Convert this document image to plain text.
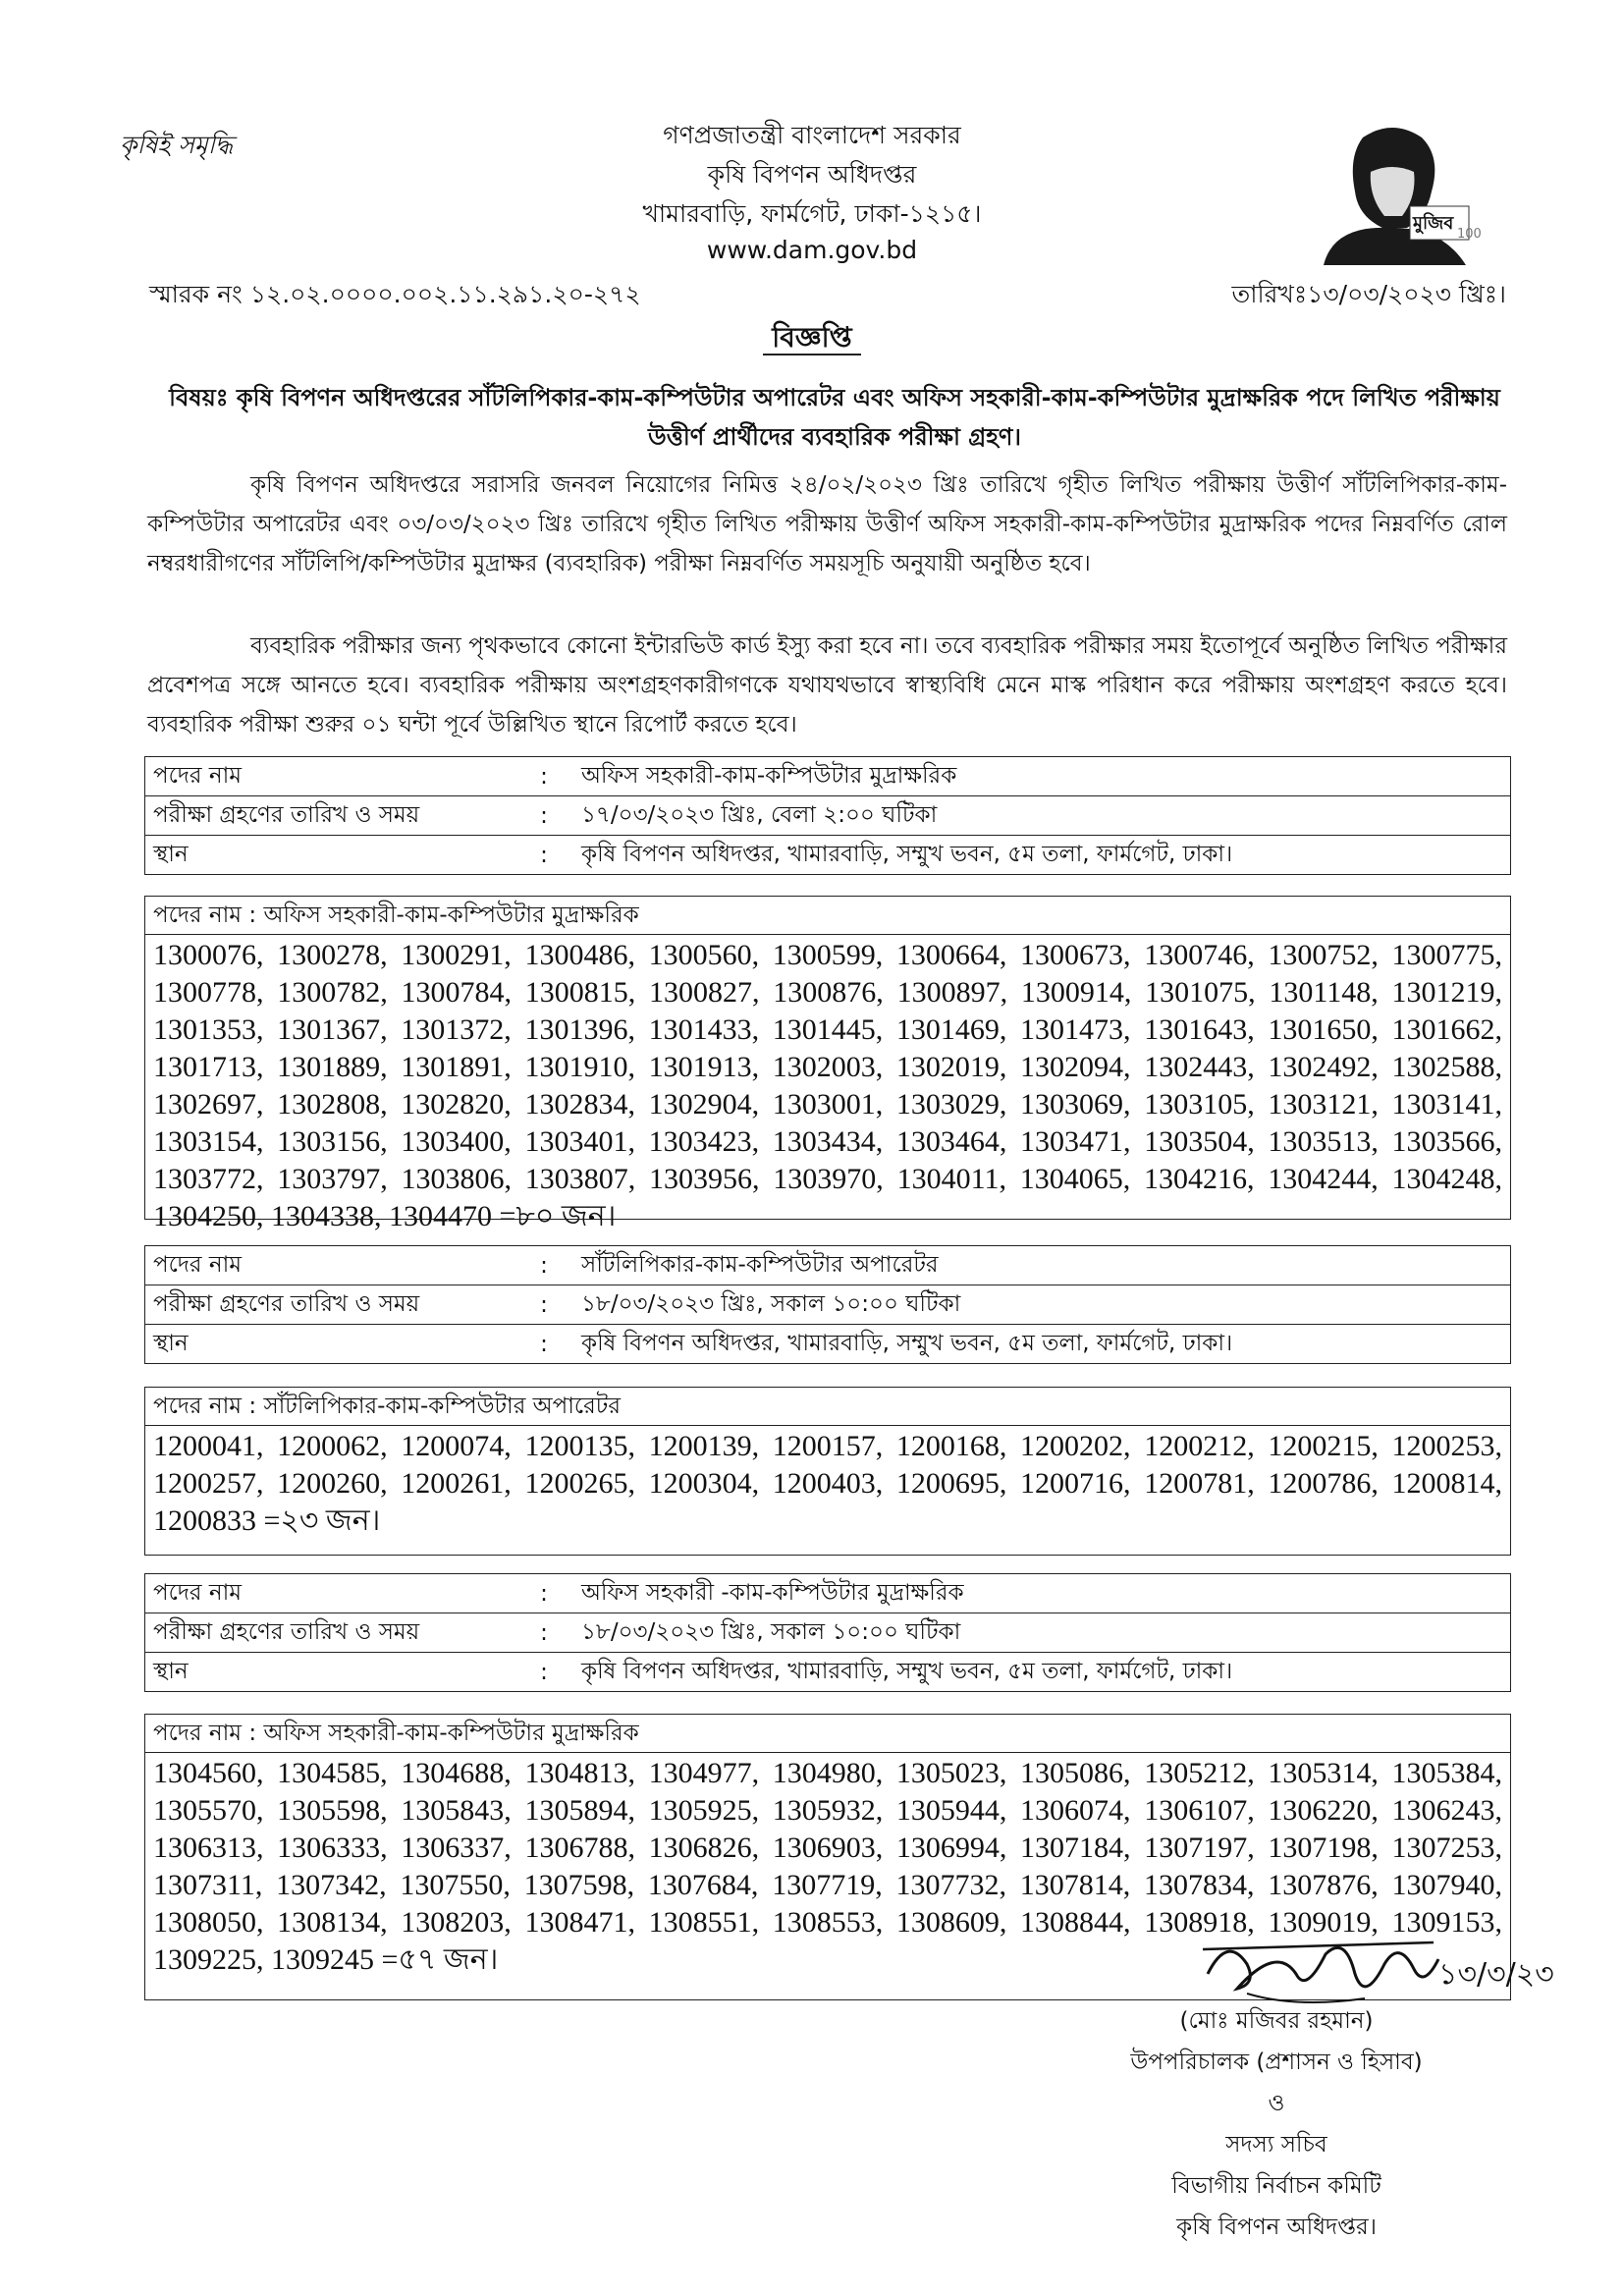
কৃষিই সমৃদ্ধি	গণপ্রজাতন্ত্রী বাংলাদেশ সরকার
কৃষি বিপণন অধিদপ্তর
খামারবাড়ি, ফার্মগেট, ঢাকা-১২১৫।
www.dam.gov.bd
মুজিব
100
স্মারক নং ১২.০২.০০০০.০০২.১১.২৯১.২০-২৭২	তারিখঃ১৩/০৩/২০২৩ খ্রিঃ।
বিজ্ঞপ্তি
বিষয়ঃ কৃষি বিপণন অধিদপ্তরের সাঁটলিপিকার-কাম-কম্পিউটার অপারেটর এবং অফিস সহকারী-কাম-কম্পিউটার মুদ্রাক্ষরিক পদে লিখিত পরীক্ষায় উত্তীর্ণ প্রার্থীদের ব্যবহারিক পরীক্ষা গ্রহণ।
কৃষি বিপণন অধিদপ্তরে সরাসরি জনবল নিয়োগের নিমিত্ত ২৪/০২/২০২৩ খ্রিঃ তারিখে গৃহীত লিখিত পরীক্ষায় উত্তীর্ণ সাঁটলিপিকার-কাম-কম্পিউটার অপারেটর এবং ০৩/০৩/২০২৩ খ্রিঃ তারিখে গৃহীত লিখিত পরীক্ষায় উত্তীর্ণ অফিস সহকারী-কাম-কম্পিউটার মুদ্রাক্ষরিক পদের নিম্নবর্ণিত রোল নম্বরধারীগণের সাঁটলিপি/কম্পিউটার মুদ্রাক্ষর (ব্যবহারিক) পরীক্ষা নিম্নবর্ণিত সময়সূচি অনুযায়ী অনুষ্ঠিত হবে।
ব্যবহারিক পরীক্ষার জন্য পৃথকভাবে কোনো ইন্টারভিউ কার্ড ইস্যু করা হবে না। তবে ব্যবহারিক পরীক্ষার সময় ইতোপূর্বে অনুষ্ঠিত লিখিত পরীক্ষার প্রবেশপত্র সঙ্গে আনতে হবে। ব্যবহারিক পরীক্ষায় অংশগ্রহণকারীগণকে যথাযথভাবে স্বাস্থ্যবিধি মেনে মাস্ক পরিধান করে পরীক্ষায় অংশগ্রহণ করতে হবে। ব্যবহারিক পরীক্ষা শুরুর ০১ ঘন্টা পূর্বে উল্লিখিত স্থানে রিপোর্ট করতে হবে।
পদের নাম	:	অফিস সহকারী-কাম-কম্পিউটার মুদ্রাক্ষরিক
পরীক্ষা গ্রহণের তারিখ ও সময়	:	১৭/০৩/২০২৩ খ্রিঃ, বেলা ২:০০ ঘটিকা
স্থান	:	কৃষি বিপণন অধিদপ্তর, খামারবাড়ি, সম্মুখ ভবন, ৫ম তলা, ফার্মগেট, ঢাকা।
পদের নাম : অফিস সহকারী-কাম-কম্পিউটার মুদ্রাক্ষরিক
1300076, 1300278, 1300291, 1300486, 1300560, 1300599, 1300664, 1300673, 1300746, 1300752, 1300775, 1300778, 1300782, 1300784, 1300815, 1300827, 1300876, 1300897, 1300914, 1301075, 1301148, 1301219, 1301353, 1301367, 1301372, 1301396, 1301433, 1301445, 1301469, 1301473, 1301643, 1301650, 1301662, 1301713, 1301889, 1301891, 1301910, 1301913, 1302003, 1302019, 1302094, 1302443, 1302492, 1302588, 1302697, 1302808, 1302820, 1302834, 1302904, 1303001, 1303029, 1303069, 1303105, 1303121, 1303141, 1303154, 1303156, 1303400, 1303401, 1303423, 1303434, 1303464, 1303471, 1303504, 1303513, 1303566, 1303772, 1303797, 1303806, 1303807, 1303956, 1303970, 1304011, 1304065, 1304216, 1304244, 1304248, 1304250, 1304338, 1304470 =৮০ জন।
পদের নাম	:	সাঁটলিপিকার-কাম-কম্পিউটার অপারেটর
পরীক্ষা গ্রহণের তারিখ ও সময়	:	১৮/০৩/২০২৩ খ্রিঃ, সকাল ১০:০০ ঘটিকা
স্থান	:	কৃষি বিপণন অধিদপ্তর, খামারবাড়ি, সম্মুখ ভবন, ৫ম তলা, ফার্মগেট, ঢাকা।
পদের নাম : সাঁটলিপিকার-কাম-কম্পিউটার অপারেটর
1200041, 1200062, 1200074, 1200135, 1200139, 1200157, 1200168, 1200202, 1200212, 1200215, 1200253, 1200257, 1200260, 1200261, 1200265, 1200304, 1200403, 1200695, 1200716, 1200781, 1200786, 1200814, 1200833 =২৩ জন।
পদের নাম	:	অফিস সহকারী -কাম-কম্পিউটার মুদ্রাক্ষরিক
পরীক্ষা গ্রহণের তারিখ ও সময়	:	১৮/০৩/২০২৩ খ্রিঃ, সকাল ১০:০০ ঘটিকা
স্থান	:	কৃষি বিপণন অধিদপ্তর, খামারবাড়ি, সম্মুখ ভবন, ৫ম তলা, ফার্মগেট, ঢাকা।
পদের নাম : অফিস সহকারী-কাম-কম্পিউটার মুদ্রাক্ষরিক
1304560, 1304585, 1304688, 1304813, 1304977, 1304980, 1305023, 1305086, 1305212, 1305314, 1305384, 1305570, 1305598, 1305843, 1305894, 1305925, 1305932, 1305944, 1306074, 1306107, 1306220, 1306243, 1306313, 1306333, 1306337, 1306788, 1306826, 1306903, 1306994, 1307184, 1307197, 1307198, 1307253, 1307311, 1307342, 1307550, 1307598, 1307684, 1307719, 1307732, 1307814, 1307834, 1307876, 1307940, 1308050, 1308134, 1308203, 1308471, 1308551, 1308553, 1308609, 1308844, 1308918, 1309019, 1309153, 1309225, 1309245 =৫৭ জন।	১৩/৩/২৩
(মোঃ মজিবর রহমান)
উপপরিচালক (প্রশাসন ও হিসাব)
ও
সদস্য সচিব
বিভাগীয় নির্বাচন কমিটি
কৃষি বিপণন অধিদপ্তর।
